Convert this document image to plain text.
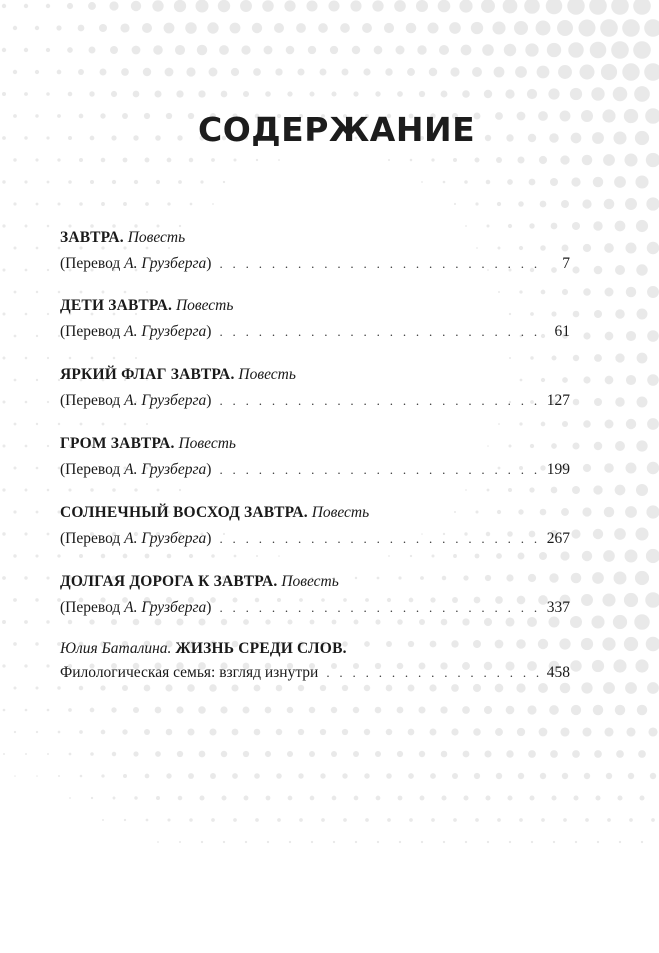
СОДЕРЖАНИЕ
ЗАВТРА. Повесть
(Перевод А. Грузберга) . . .	7
ДЕТИ ЗАВТРА. Повесть
(Перевод А. Грузберга) . . .	61
ЯРКИЙ ФЛАГ ЗАВТРА. Повесть
(Перевод А. Грузберга) . . .	127
ГРОМ ЗАВТРА. Повесть
(Перевод А. Грузберга) . . .	199
СОЛНЕЧНЫЙ ВОСХОД ЗАВТРА. Повесть
(Перевод А. Грузберга) . . .	267
ДОЛГАЯ ДОРОГА К ЗАВТРА. Повесть
(Перевод А. Грузберга) . . .	337
Юлия Баталина. ЖИЗНЬ СРЕДИ СЛОВ.
Филологическая семья: взгляд изнутри . . .	458
